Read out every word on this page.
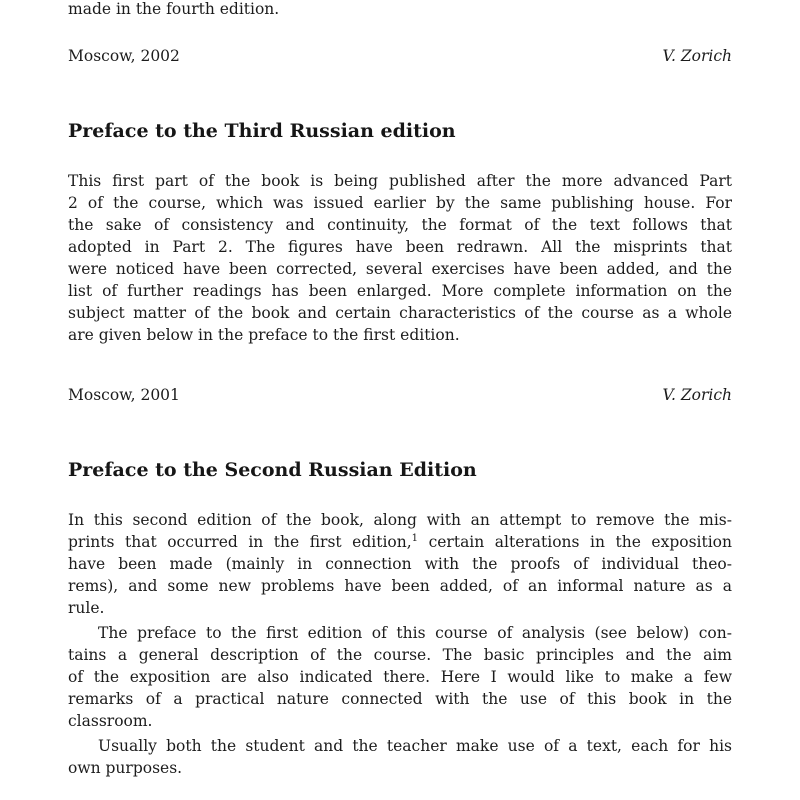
made in the fourth edition.
Moscow, 2002	V. Zorich
Preface to the Third Russian edition
This first part of the book is being published after the more advanced Part
2 of the course, which was issued earlier by the same publishing house. For
the sake of consistency and continuity, the format of the text follows that
adopted in Part 2. The figures have been redrawn. All the misprints that
were noticed have been corrected, several exercises have been added, and the
list of further readings has been enlarged. More complete information on the
subject matter of the book and certain characteristics of the course as a whole
are given below in the preface to the first edition.
Moscow, 2001	V. Zorich
Preface to the Second Russian Edition
In this second edition of the book, along with an attempt to remove the mis-
prints that occurred in the first edition,$^1$ certain alterations in the exposition
have been made (mainly in connection with the proofs of individual theo-
rems), and some new problems have been added, of an informal nature as a
rule.
The preface to the first edition of this course of analysis (see below) con-
tains a general description of the course. The basic principles and the aim
of the exposition are also indicated there. Here I would like to make a few
remarks of a practical nature connected with the use of this book in the
classroom.
Usually both the student and the teacher make use of a text, each for his
own purposes.
